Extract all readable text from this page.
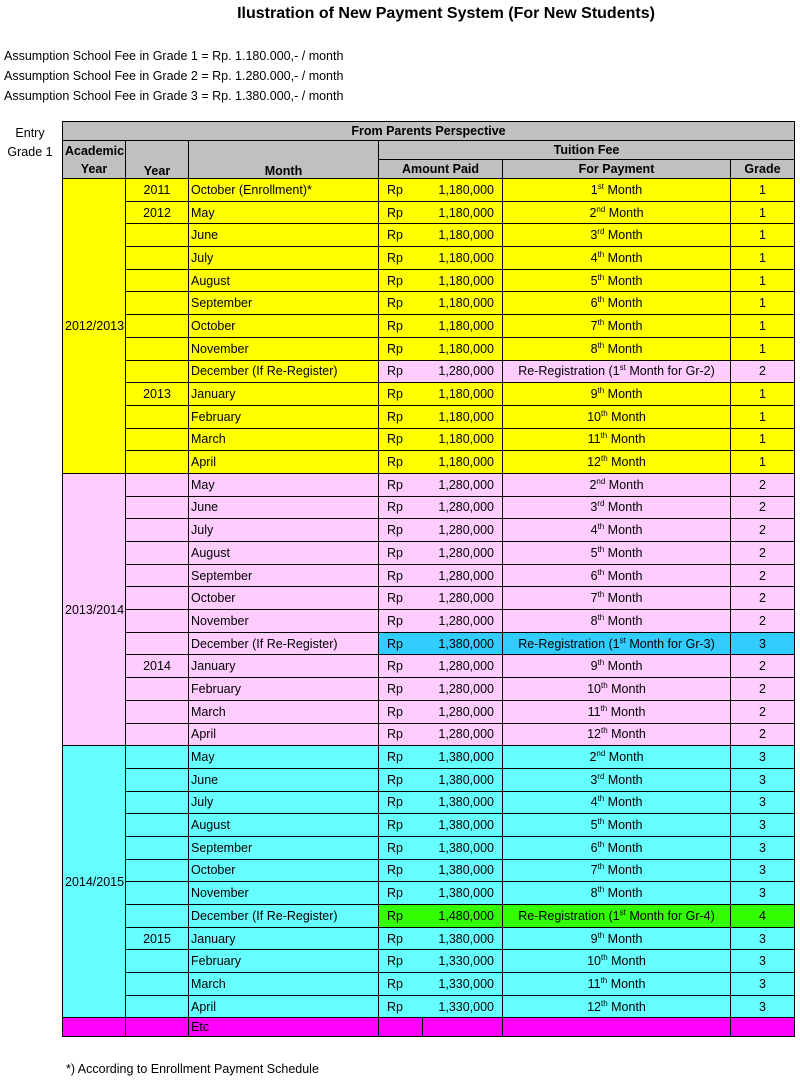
Ilustration of New Payment System (For New Students)
Assumption School Fee in Grade 1 = Rp. 1.180.000,- / month
Assumption School Fee in Grade 2 = Rp. 1.280.000,- / month
Assumption School Fee in Grade 3 = Rp. 1.380.000,- / month
Entry
Grade 1
From Parents Perspective						
Academic Year	Year	Month	Tuition Fee			
			Amount Paid		For Payment	Grade
2012/2013	2011	October (Enrollment)*	Rp	1,180,000	1st Month	1
	2012	May	Rp	1,180,000	2nd Month	1
		June	Rp	1,180,000	3rd Month	1
		July	Rp	1,180,000	4th Month	1
		August	Rp	1,180,000	5th Month	1
		September	Rp	1,180,000	6th Month	1
		October	Rp	1,180,000	7th Month	1
		November	Rp	1,180,000	8th Month	1
		December (If Re-Register)	Rp	1,280,000	Re-Registration (1st Month for Gr-2)	2
	2013	January	Rp	1,180,000	9th Month	1
		February	Rp	1,180,000	10th Month	1
		March	Rp	1,180,000	11th Month	1
		April	Rp	1,180,000	12th Month	1
2013/2014		May	Rp	1,280,000	2nd Month	2
		June	Rp	1,280,000	3rd Month	2
		July	Rp	1,280,000	4th Month	2
		August	Rp	1,280,000	5th Month	2
		September	Rp	1,280,000	6th Month	2
		October	Rp	1,280,000	7th Month	2
		November	Rp	1,280,000	8th Month	2
		December (If Re-Register)	Rp	1,380,000	Re-Registration (1st Month for Gr-3)	3
	2014	January	Rp	1,280,000	9th Month	2
		February	Rp	1,280,000	10th Month	2
		March	Rp	1,280,000	11th Month	2
		April	Rp	1,280,000	12th Month	2
2014/2015		May	Rp	1,380,000	2nd Month	3
		June	Rp	1,380,000	3rd Month	3
		July	Rp	1,380,000	4th Month	3
		August	Rp	1,380,000	5th Month	3
		September	Rp	1,380,000	6th Month	3
		October	Rp	1,380,000	7th Month	3
		November	Rp	1,380,000	8th Month	3
		December (If Re-Register)	Rp	1,480,000	Re-Registration (1st Month for Gr-4)	4
	2015	January	Rp	1,380,000	9th Month	3
		February	Rp	1,330,000	10th Month	3
		March	Rp	1,330,000	11th Month	3
		April	Rp	1,330,000	12th Month	3
		Etc				
*) According to Enrollment Payment Schedule
